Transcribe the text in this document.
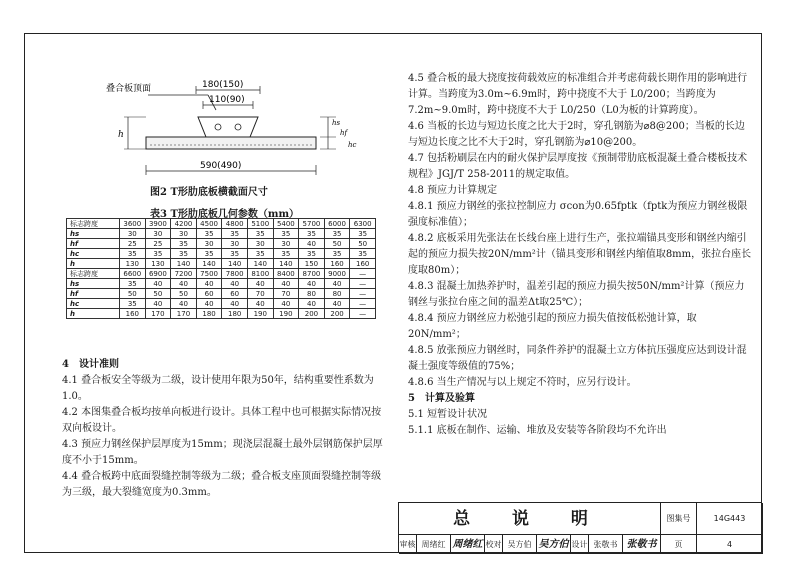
叠合板顶面	180(150)
110(90)
h
hs
hf
hc
590(490)
图2 T形肋底板横截面尺寸
表3 T形肋底板几何参数（mm）
标志跨度	3600	3900	4200	4500	4800	5100	5400	5700	6000	6300
hs	30	30	30	35	35	35	35	35	35	35
hf	25	25	35	30	30	30	30	40	50	50
hc	35	35	35	35	35	35	35	35	35	35
h	130	130	140	140	140	140	140	150	160	160
标志跨度	6600	6900	7200	7500	7800	8100	8400	8700	9000	—
hs	35	40	40	40	40	40	40	40	40	—
hf	50	50	50	60	60	70	70	80	80	—
hc	35	40	40	40	40	40	40	40	40	—
h	160	170	170	180	180	190	190	200	200	—

4　设计准则

4.1 叠合板安全等级为二级，设计使用年限为50年，结构重要性系数为1.0。

4.2 本图集叠合板均按单向板进行设计。具体工程中也可根据实际情况按双向板设计。

4.3 预应力钢丝保护层厚度为15mm；现浇层混凝土最外层钢筋保护层厚度不小于15mm。

4.4 叠合板跨中底面裂缝控制等级为二级；叠合板支座顶面裂缝控制等级为三级，最大裂缝宽度为0.3mm。

4.5 叠合板的最大挠度按荷载效应的标准组合并考虑荷载长期作用的影响进行计算。当跨度为3.0m~6.9m时，跨中挠度不大于 L0/200；当跨度为7.2m~9.0m时，跨中挠度不大于 L0/250（L0为板的计算跨度）。

4.6 当板的长边与短边长度之比大于2时，穿孔钢筋为⌀8@200；当板的长边与短边长度之比不大于2时，穿孔钢筋为⌀10@200。

4.7 包括粉刷层在内的耐火保护层厚度按《预制带肋底板混凝土叠合楼板技术规程》JGJ/T 258-2011的规定取值。

4.8 预应力计算规定

4.8.1 预应力钢丝的张拉控制应力 σcon为0.65fptk（fptk为预应力钢丝极限强度标准值）；

4.8.2 底板采用先张法在长线台座上进行生产，张拉端锚具变形和钢丝内缩引起的预应力损失按20N/mm²计（锚具变形和钢丝内缩值取8mm，张拉台座长度取80m）；

4.8.3 混凝土加热养护时，温差引起的预应力损失按50N/mm²计算（预应力钢丝与张拉台座之间的温差Δt取25℃）；

4.8.4 预应力钢丝应力松弛引起的预应力损失值按低松弛计算，取20N/mm²；

4.8.5 放张预应力钢丝时，同条件养护的混凝土立方体抗压强度应达到设计混凝土强度等级值的75%；

4.8.6 当生产情况与以上规定不符时，应另行设计。

5　计算及验算

5.1 短暂设计状况

5.1.1 底板在制作、运输、堆放及安装等各阶段均不允许出

总 说 明	图集号	14G443
审核 周绪红 周绪红 校对 吴方伯 吴方伯 设计 张敬书 张敬书	页	4
